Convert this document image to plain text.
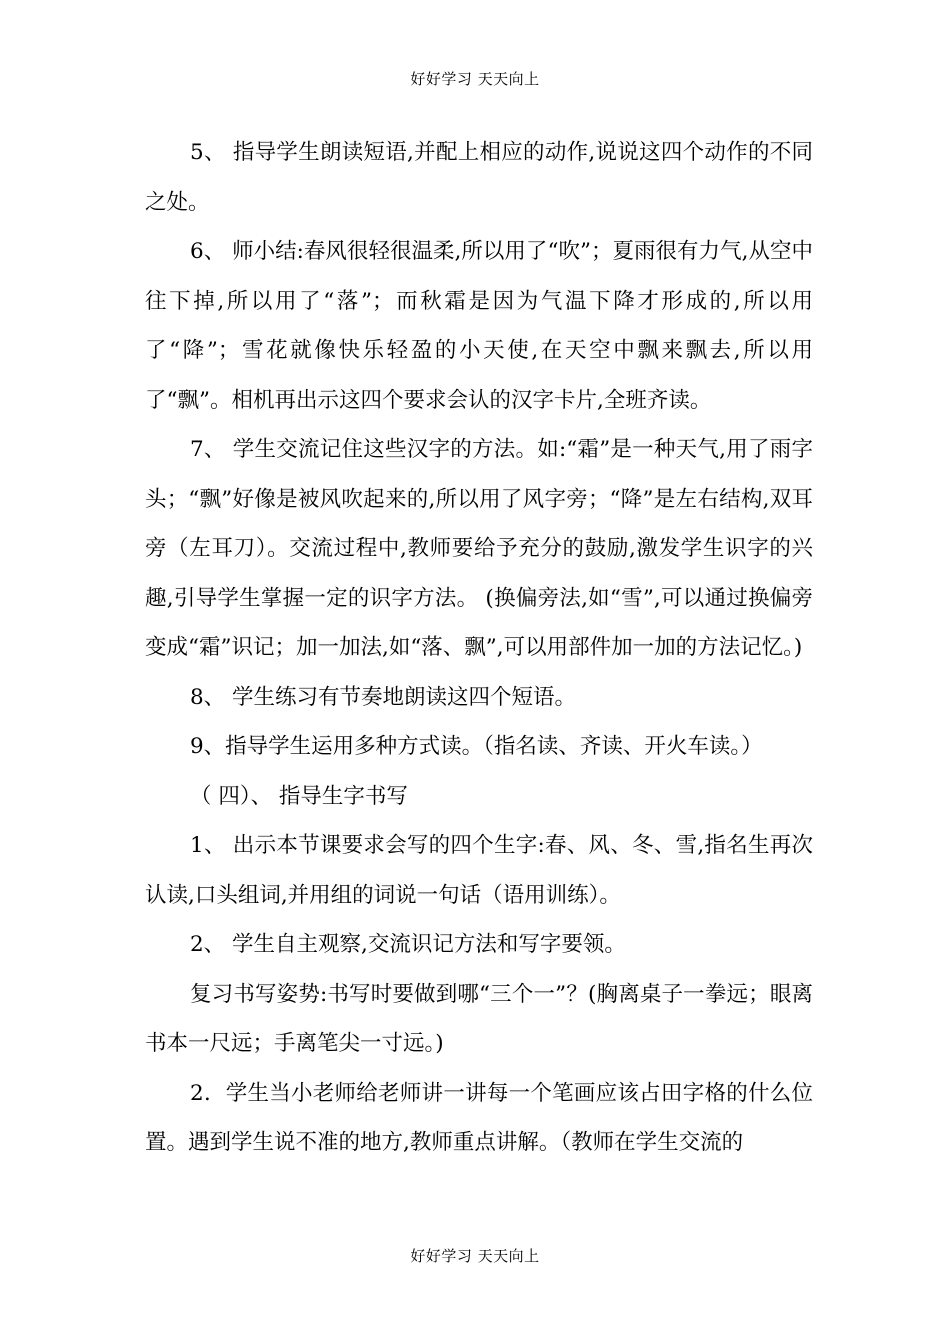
好好学习 天天向上

5、 指导学生朗读短语,并配上相应的动作,说说这四个动作的不同之处。

6、 师小结:春风很轻很温柔,所以用了“吹”；夏雨很有力气,从空中往下掉,所以用了“落”；而秋霜是因为气温下降才形成的,所以用了“降”；雪花就像快乐轻盈的小天使,在天空中飘来飘去,所以用了“飘”。相机再出示这四个要求会认的汉字卡片,全班齐读。

7、 学生交流记住这些汉字的方法。如:“霜”是一种天气,用了雨字头；“飘”好像是被风吹起来的,所以用了风字旁；“降”是左右结构,双耳旁（左耳刀）。交流过程中,教师要给予充分的鼓励,激发学生识字的兴趣,引导学生掌握一定的识字方法。 (换偏旁法,如“雪”,可以通过换偏旁变成“霜”识记；加一加法,如“落、飘”,可以用部件加一加的方法记忆。)

8、 学生练习有节奏地朗读这四个短语。

9、指导学生运用多种方式读。（指名读、齐读、开火车读。）

（ 四）、 指导生字书写

1、 出示本节课要求会写的四个生字:春、风、冬、雪,指名生再次认读,口头组词,并用组的词说一句话（语用训练）。

2、 学生自主观察,交流识记方法和写字要领。

复习书写姿势:书写时要做到哪“三个一”？(胸离桌子一拳远；眼离书本一尺远；手离笔尖一寸远。)

2．学生当小老师给老师讲一讲每一个笔画应该占田字格的什么位置。遇到学生说不准的地方,教师重点讲解。（教师在学生交流的

好好学习 天天向上
